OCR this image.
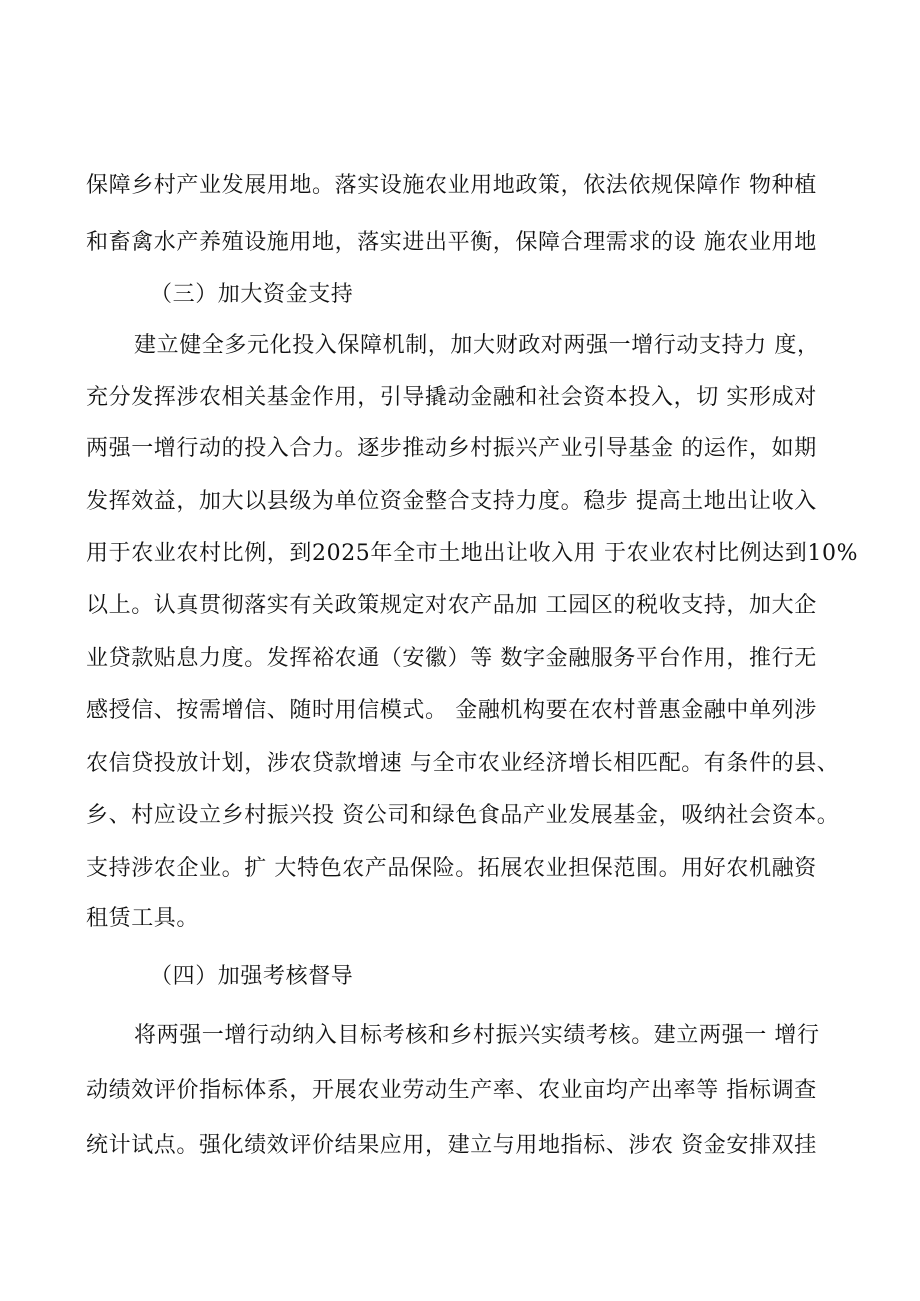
保障乡村产业发展用地。落实设施农业用地政策，依法依规保障作 物种植
和畜禽水产养殖设施用地，落实进出平衡，保障合理需求的设 施农业用地
（三）加大资金支持
建立健全多元化投入保障机制，加大财政对两强一增行动支持力 度，
充分发挥涉农相关基金作用，引导撬动金融和社会资本投入，切 实形成对
两强一增行动的投入合力。逐步推动乡村振兴产业引导基金 的运作，如期
发挥效益，加大以县级为单位资金整合支持力度。稳步 提高土地出让收入
用于农业农村比例，到2025年全市土地出让收入用 于农业农村比例达到10%
以上。认真贯彻落实有关政策规定对农产品加 工园区的税收支持，加大企
业贷款贴息力度。发挥裕农通（安徽）等 数字金融服务平台作用，推行无
感授信、按需增信、随时用信模式。 金融机构要在农村普惠金融中单列涉
农信贷投放计划，涉农贷款增速 与全市农业经济增长相匹配。有条件的县、
乡、村应设立乡村振兴投 资公司和绿色食品产业发展基金，吸纳社会资本。
支持涉农企业。扩 大特色农产品保险。拓展农业担保范围。用好农机融资
租赁工具。
（四）加强考核督导
将两强一增行动纳入目标考核和乡村振兴实绩考核。建立两强一 增行
动绩效评价指标体系，开展农业劳动生产率、农业亩均产出率等 指标调查
统计试点。强化绩效评价结果应用，建立与用地指标、涉农 资金安排双挂
